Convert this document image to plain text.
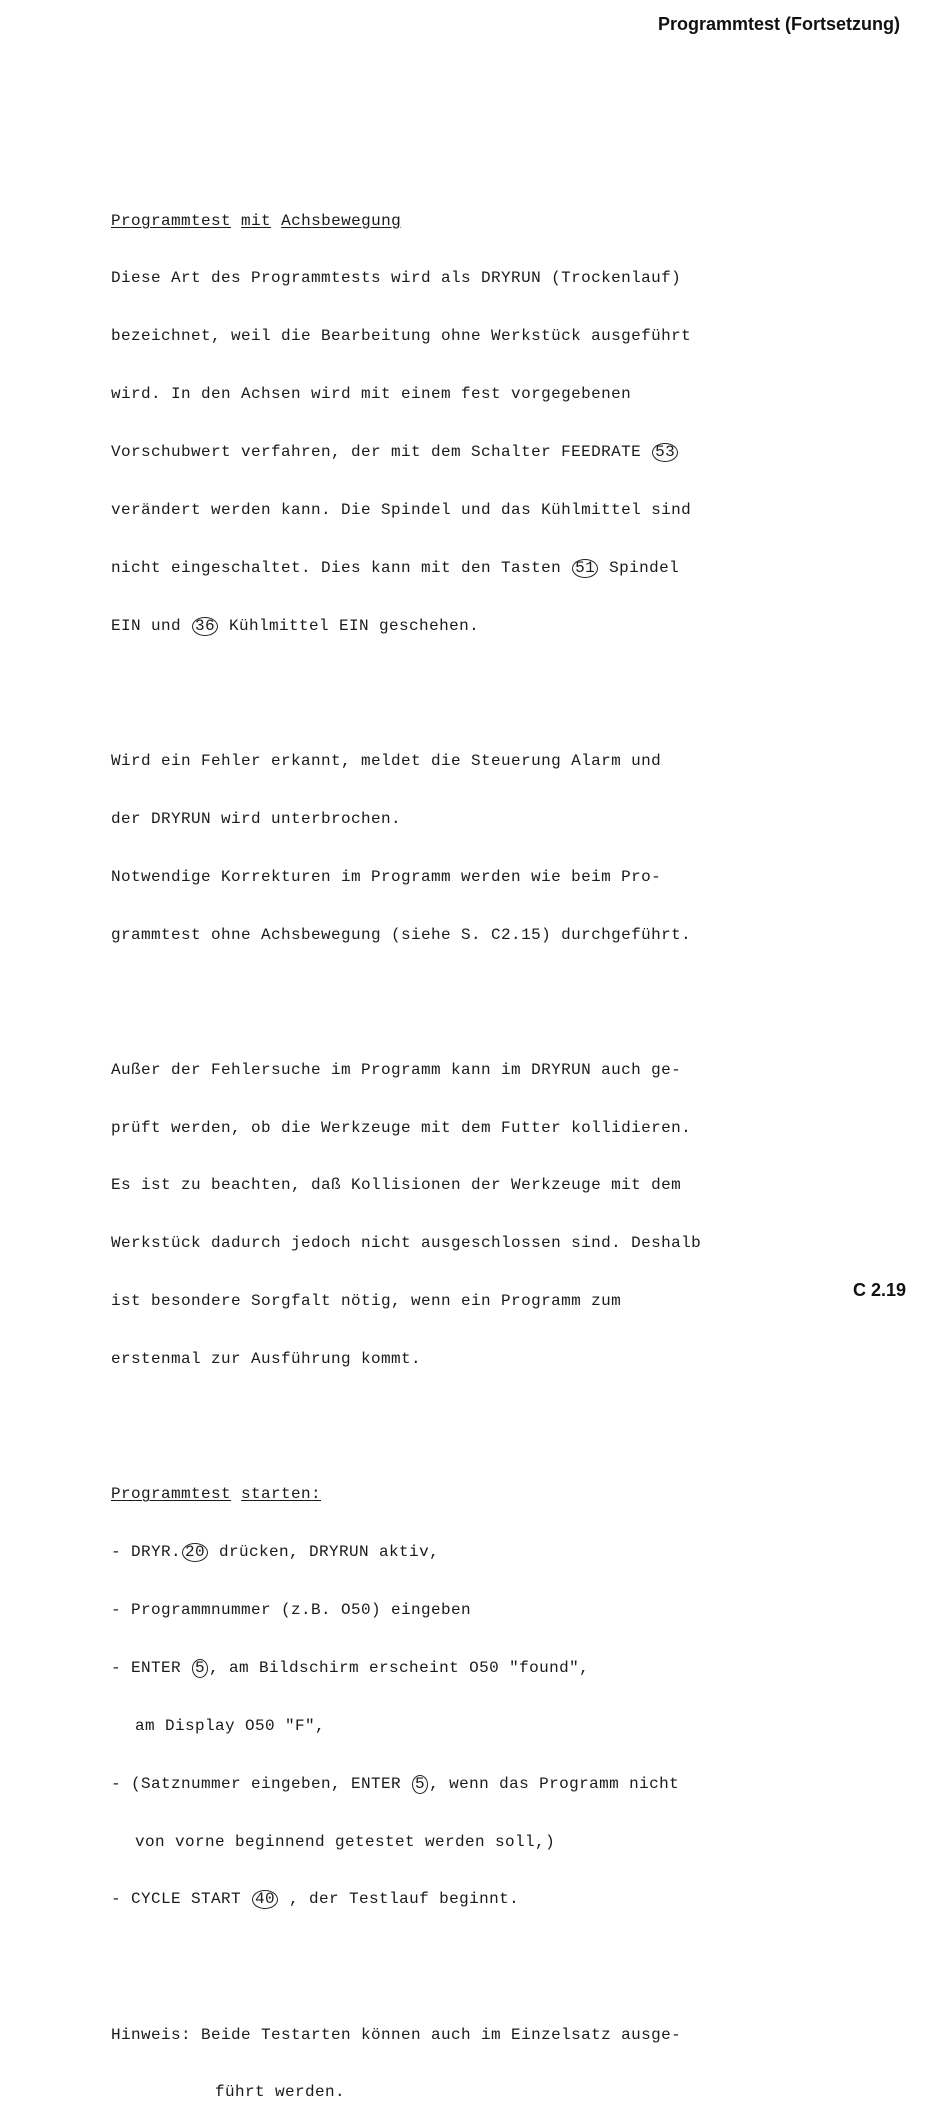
Programmtest (Fortsetzung)

Programmtest mit Achsbewegung

Diese Art des Programmtests wird als DRYRUN (Trockenlauf)

bezeichnet, weil die Bearbeitung ohne Werkstück ausgeführt

wird. In den Achsen wird mit einem fest vorgegebenen

Vorschubwert verfahren, der mit dem Schalter FEEDRATE 53

verändert werden kann. Die Spindel und das Kühlmittel sind

nicht eingeschaltet. Dies kann mit den Tasten 51 Spindel

EIN und 36 Kühlmittel EIN geschehen.

Wird ein Fehler erkannt, meldet die Steuerung Alarm und

der DRYRUN wird unterbrochen.

Notwendige Korrekturen im Programm werden wie beim Pro-

grammtest ohne Achsbewegung (siehe S. C2.15) durchgeführt.

Außer der Fehlersuche im Programm kann im DRYRUN auch ge-

prüft werden, ob die Werkzeuge mit dem Futter kollidieren.

Es ist zu beachten, daß Kollisionen der Werkzeuge mit dem

Werkstück dadurch jedoch nicht ausgeschlossen sind. Deshalb

ist besondere Sorgfalt nötig, wenn ein Programm zum

erstenmal zur Ausführung kommt.

Programmtest starten:

- DRYR. 20 drücken, DRYRUN aktiv,

- Programmnummer (z.B. O50) eingeben

- ENTER 5 , am Bildschirm erscheint O50 "found",

am Display O50 "F",

- (Satznummer eingeben, ENTER 5 , wenn das Programm nicht

von vorne beginnend getestet werden soll,)

- CYCLE START 40 , der Testlauf beginnt.

Hinweis: Beide Testarten können auch im Einzelsatz ausge-

führt werden.

C 2.19
